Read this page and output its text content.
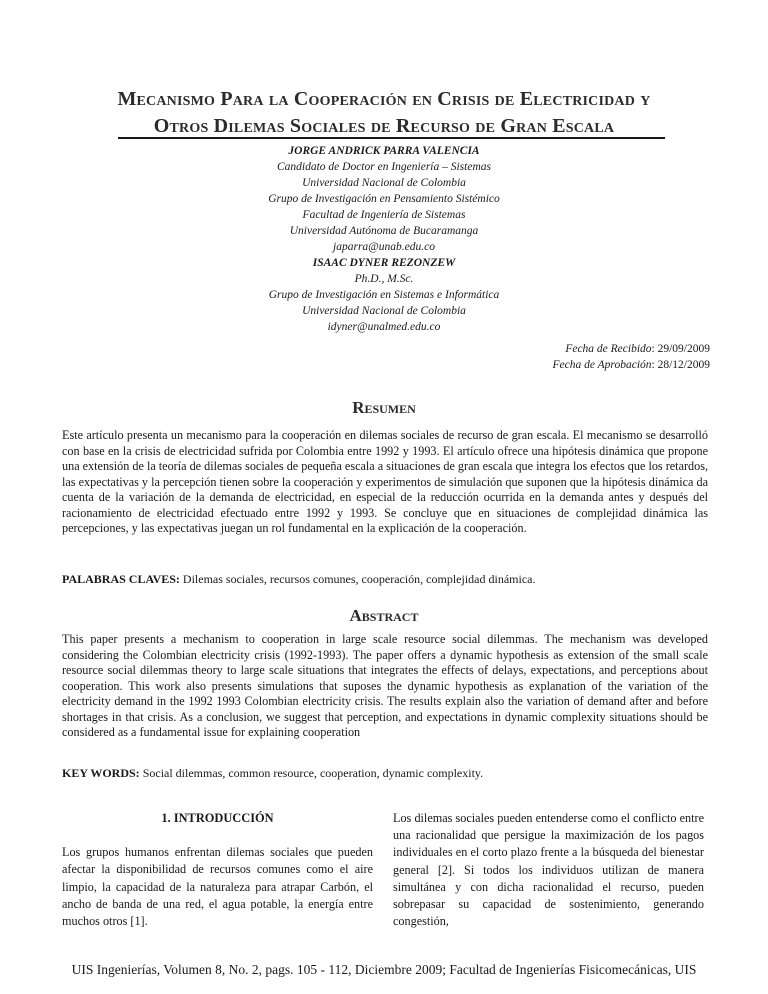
Mecanismo Para la Cooperación en Crisis de Electricidad y
Otros Dilemas Sociales de Recurso de Gran Escala
JORGE ANDRICK PARRA VALENCIA
Candidato de Doctor en Ingeniería – Sistemas
Universidad Nacional de Colombia
Grupo de Investigación en Pensamiento Sistémico
Facultad de Ingeniería de Sistemas
Universidad Autónoma de Bucaramanga
japarra@unab.edu.co
ISAAC DYNER REZONZEW
Ph.D., M.Sc.
Grupo de Investigación en Sistemas e Informática
Universidad Nacional de Colombia
idyner@unalmed.edu.co
Fecha de Recibido: 29/09/2009
Fecha de Aprobación: 28/12/2009
Resumen
Este artículo presenta un mecanismo para la cooperación en dilemas sociales de recurso de gran escala. El mecanismo se desarrolló con base en la crisis de electricidad sufrida por Colombia entre 1992 y 1993. El artículo ofrece una hipótesis dinámica que propone una extensión de la teoría de dilemas sociales de pequeña escala a situaciones de gran escala que integra los efectos que los retardos, las expectativas y la percepción tienen sobre la cooperación y experimentos de simulación que suponen que la hipótesis dinámica da cuenta de la variación de la demanda de electricidad, en especial de la reducción ocurrida en la demanda antes y después del racionamiento de electricidad efectuado entre 1992 y 1993. Se concluye que en situaciones de complejidad dinámica las percepciones, y las expectativas juegan un rol fundamental en la explicación de la cooperación.
PALABRAS CLAVES: Dilemas sociales, recursos comunes, cooperación, complejidad dinámica.
Abstract
This paper presents a mechanism to cooperation in large scale resource social dilemmas. The mechanism was developed considering the Colombian electricity crisis (1992-1993). The paper offers a dynamic hypothesis as extension of the small scale resource social dilemmas theory to large scale situations that integrates the effects of delays, expectations, and perceptions about cooperation. This work also presents simulations that suposes the dynamic hypothesis as explanation of the variation of the electricity demand in the 1992 1993 Colombian electricity crisis. The results explain also the variation of demand after and before shortages in that crisis. As a conclusion, we suggest that perception, and expectations in dynamic complexity situations should be considered as a fundamental issue for explaining cooperation
KEY WORDS: Social dilemmas, common resource, cooperation, dynamic complexity.
1. INTRODUCCIÓN
Los grupos humanos enfrentan dilemas sociales que pueden afectar la disponibilidad de recursos comunes como el aire limpio, la capacidad de la naturaleza para atrapar Carbón, el ancho de banda de una red, el agua potable, la energía entre muchos otros [1].
Los dilemas sociales pueden entenderse como el conflicto entre una racionalidad que persigue la maximización de los pagos individuales en el corto plazo frente a la búsqueda del bienestar general [2]. Si todos los individuos utilizan de manera simultánea y con dicha racionalidad el recurso, pueden sobrepasar su capacidad de sostenimiento, generando congestión,
UIS Ingenierías, Volumen 8, No. 2, pags. 105 - 112, Diciembre 2009; Facultad de Ingenierías Fisicomecánicas, UIS
